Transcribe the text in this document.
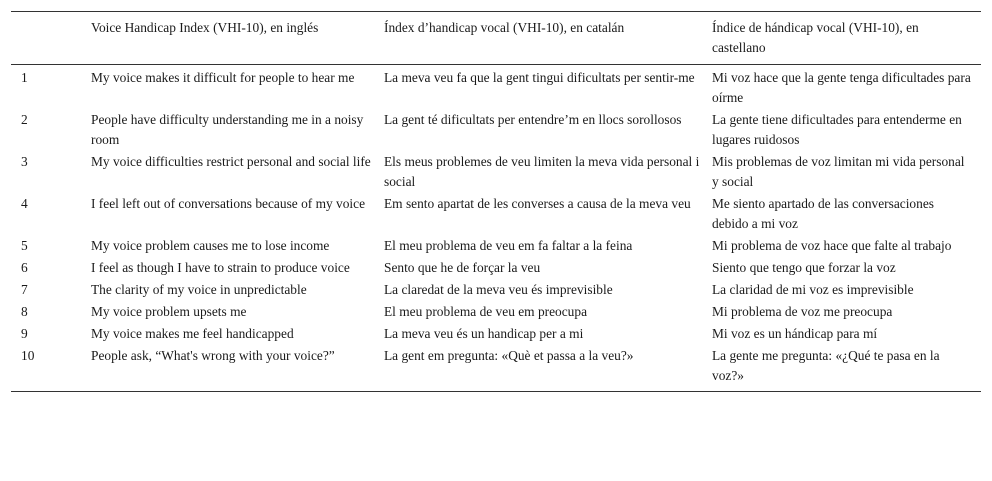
	Voice Handicap Index (VHI-10), en inglés	Índex d’handicap vocal (VHI-10), en catalán	Índice de hándicap vocal (VHI-10), en castellano
1	My voice makes it difficult for people to hear me	La meva veu fa que la gent tingui dificultats per sentir-me	Mi voz hace que la gente tenga dificultades para oírme
2	People have difficulty understanding me in a noisy room	La gent té dificultats per entendre’m en llocs sorollosos	La gente tiene dificultades para entenderme en lugares ruidosos
3	My voice difficulties restrict personal and social life	Els meus problemes de veu limiten la meva vida personal i social	Mis problemas de voz limitan mi vida personal y social
4	I feel left out of conversations because of my voice	Em sento apartat de les converses a causa de la meva veu	Me siento apartado de las conversaciones debido a mi voz
5	My voice problem causes me to lose income	El meu problema de veu em fa faltar a la feina	Mi problema de voz hace que falte al trabajo
6	I feel as though I have to strain to produce voice	Sento que he de forçar la veu	Siento que tengo que forzar la voz
7	The clarity of my voice in unpredictable	La claredat de la meva veu és imprevisible	La claridad de mi voz es imprevisible
8	My voice problem upsets me	El meu problema de veu em preocupa	Mi problema de voz me preocupa
9	My voice makes me feel handicapped	La meva veu és un handicap per a mi	Mi voz es un hándicap para mí
10	People ask, “What's wrong with your voice?”	La gent em pregunta: «Què et passa a la veu?»	La gente me pregunta: «¿Qué te pasa en la voz?»
